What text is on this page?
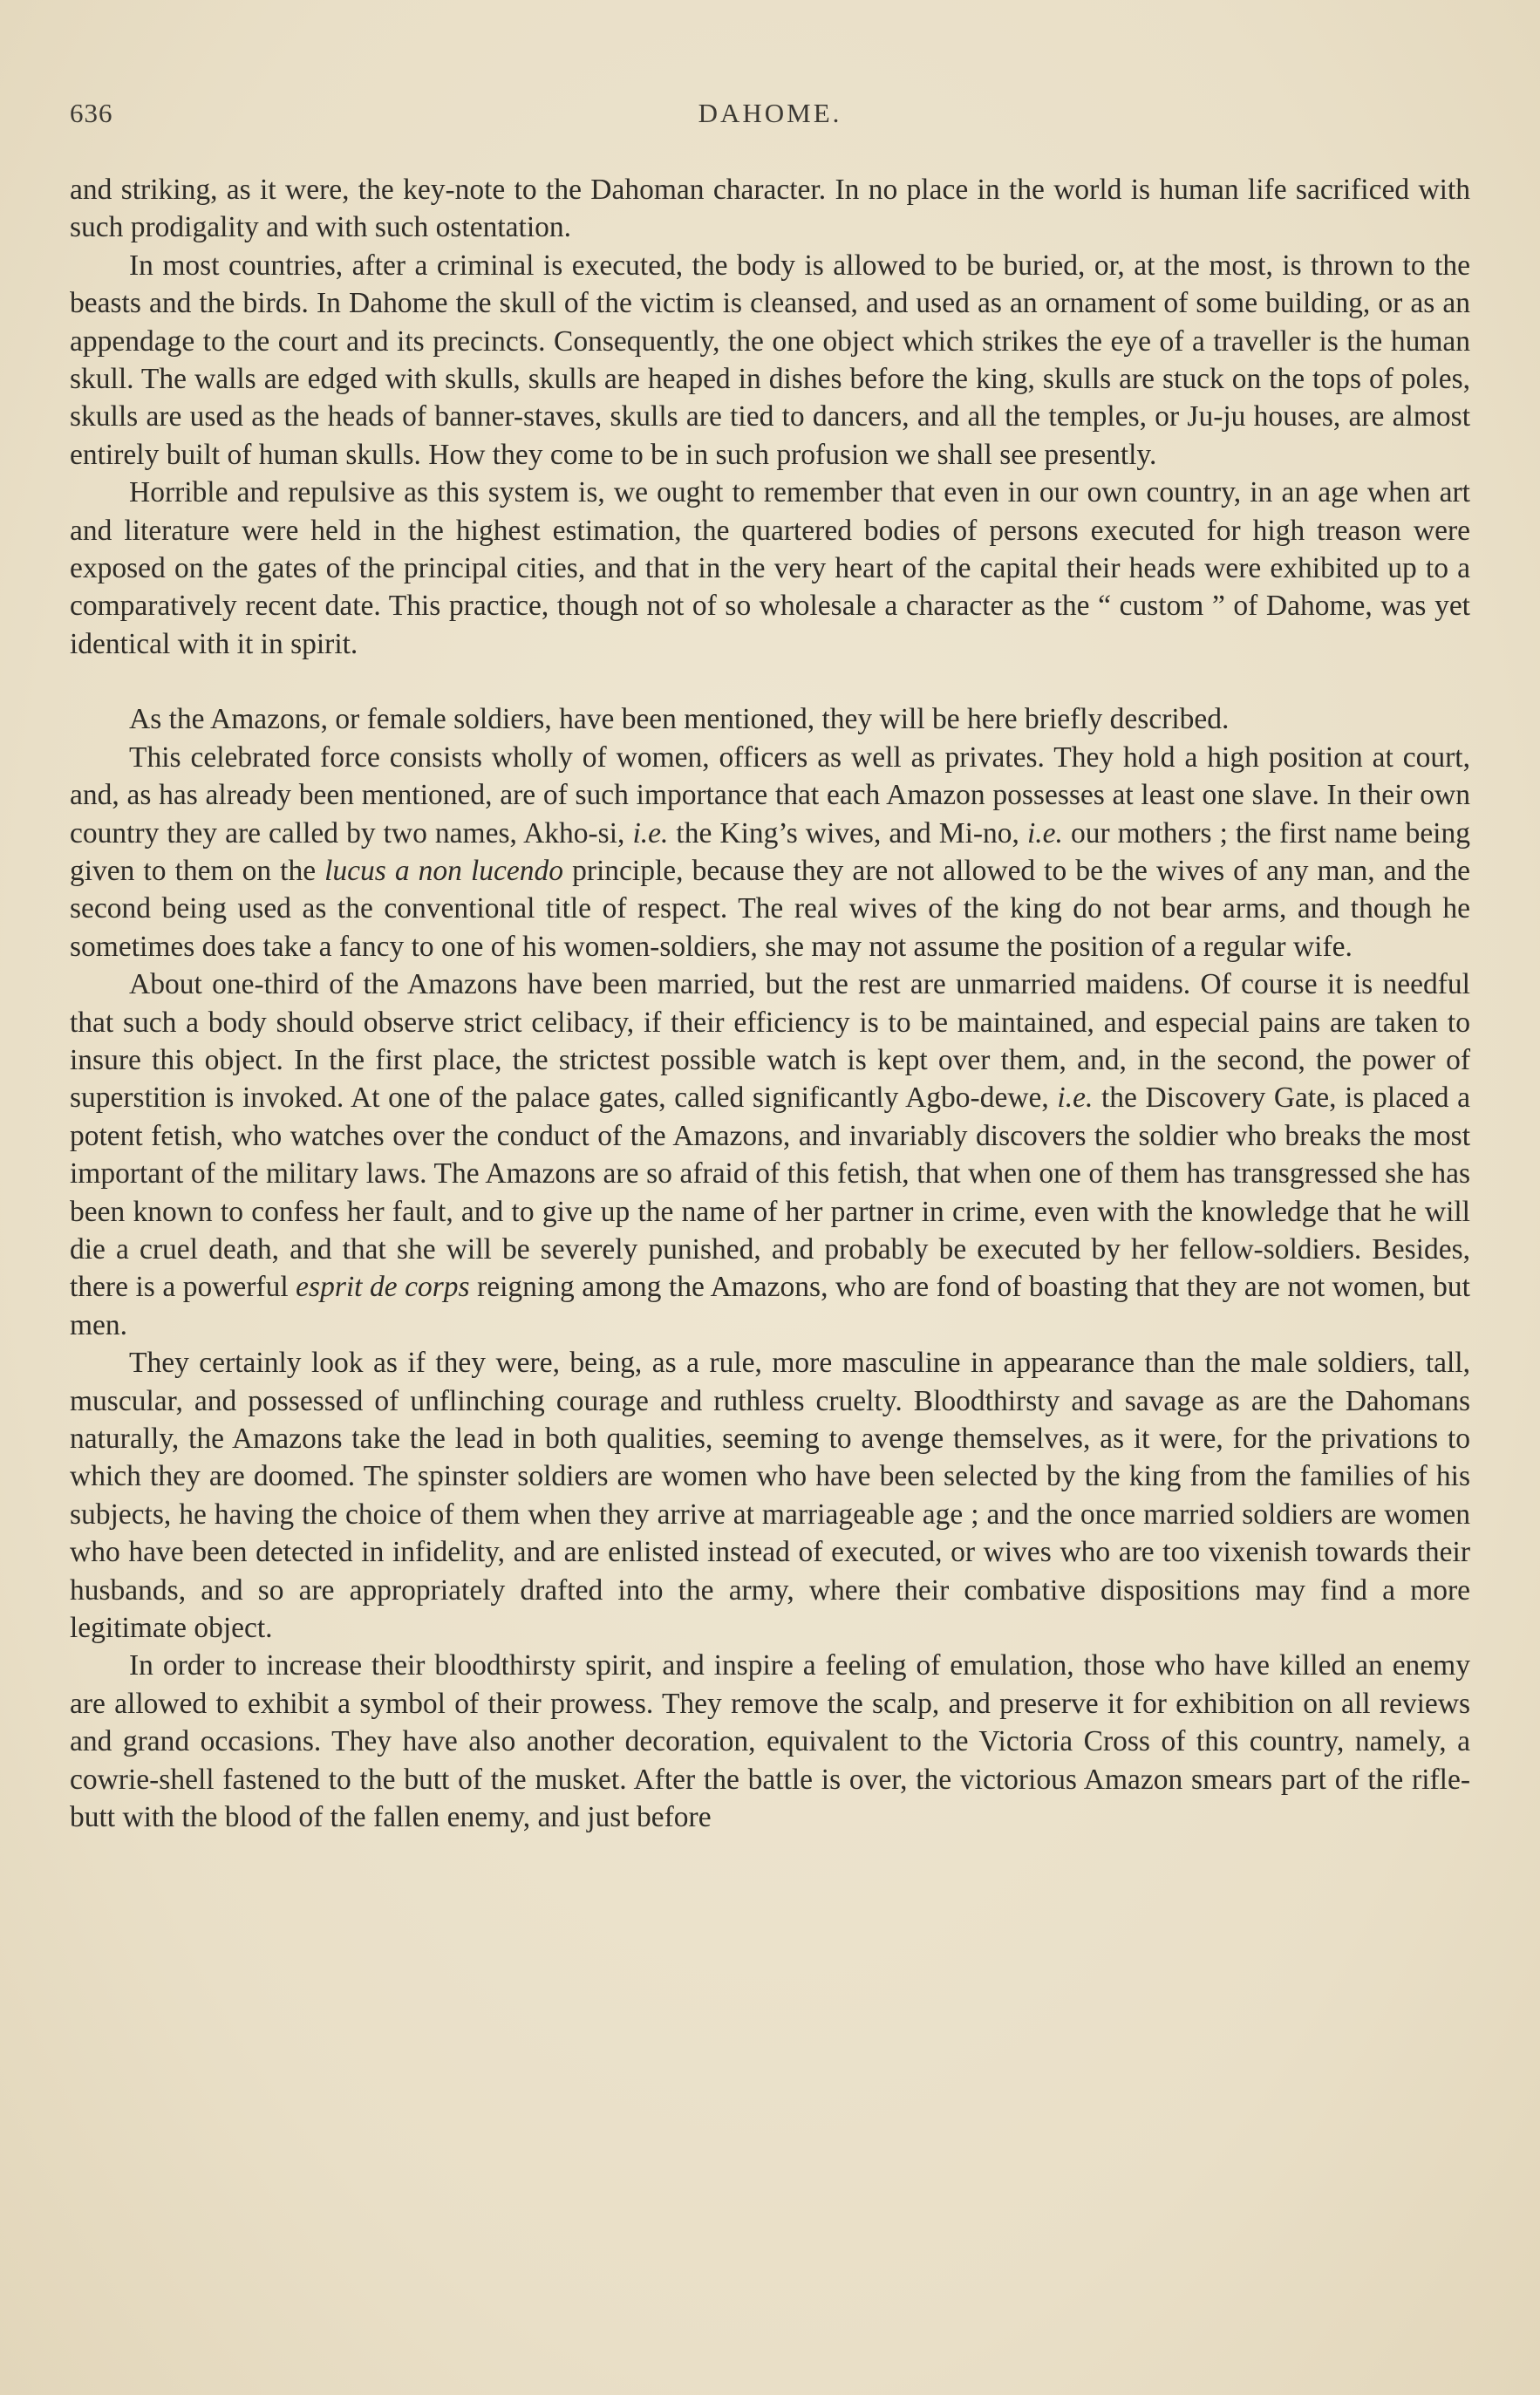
636	DAHOME.

and striking, as it were, the key-note to the Dahoman character. In no place in the world is human life sacrificed with such prodigality and with such ostentation.

In most countries, after a criminal is executed, the body is allowed to be buried, or, at the most, is thrown to the beasts and the birds. In Dahome the skull of the victim is cleansed, and used as an ornament of some building, or as an appendage to the court and its precincts. Consequently, the one object which strikes the eye of a traveller is the human skull. The walls are edged with skulls, skulls are heaped in dishes before the king, skulls are stuck on the tops of poles, skulls are used as the heads of banner-staves, skulls are tied to dancers, and all the temples, or Ju-ju houses, are almost entirely built of human skulls. How they come to be in such profusion we shall see presently.

Horrible and repulsive as this system is, we ought to remember that even in our own country, in an age when art and literature were held in the highest estimation, the quartered bodies of persons executed for high treason were exposed on the gates of the principal cities, and that in the very heart of the capital their heads were exhibited up to a comparatively recent date. This practice, though not of so wholesale a character as the “ custom ” of Dahome, was yet identical with it in spirit.

As the Amazons, or female soldiers, have been mentioned, they will be here briefly described.

This celebrated force consists wholly of women, officers as well as privates. They hold a high position at court, and, as has already been mentioned, are of such importance that each Amazon possesses at least one slave. In their own country they are called by two names, Akho-si, i.e. the King’s wives, and Mi-no, i.e. our mothers ; the first name being given to them on the lucus a non lucendo principle, because they are not allowed to be the wives of any man, and the second being used as the conventional title of respect. The real wives of the king do not bear arms, and though he sometimes does take a fancy to one of his women-soldiers, she may not assume the position of a regular wife.

About one-third of the Amazons have been married, but the rest are unmarried maidens. Of course it is needful that such a body should observe strict celibacy, if their efficiency is to be maintained, and especial pains are taken to insure this object. In the first place, the strictest possible watch is kept over them, and, in the second, the power of superstition is invoked. At one of the palace gates, called significantly Agbo-dewe, i.e. the Discovery Gate, is placed a potent fetish, who watches over the conduct of the Amazons, and invariably discovers the soldier who breaks the most important of the military laws. The Amazons are so afraid of this fetish, that when one of them has transgressed she has been known to confess her fault, and to give up the name of her partner in crime, even with the knowledge that he will die a cruel death, and that she will be severely punished, and probably be executed by her fellow-soldiers. Besides, there is a powerful esprit de corps reigning among the Amazons, who are fond of boasting that they are not women, but men.

They certainly look as if they were, being, as a rule, more masculine in appearance than the male soldiers, tall, muscular, and possessed of unflinching courage and ruthless cruelty. Bloodthirsty and savage as are the Dahomans naturally, the Amazons take the lead in both qualities, seeming to avenge themselves, as it were, for the privations to which they are doomed. The spinster soldiers are women who have been selected by the king from the families of his subjects, he having the choice of them when they arrive at marriageable age ; and the once married soldiers are women who have been detected in infidelity, and are enlisted instead of executed, or wives who are too vixenish towards their husbands, and so are appropriately drafted into the army, where their combative dispositions may find a more legitimate object.

In order to increase their bloodthirsty spirit, and inspire a feeling of emulation, those who have killed an enemy are allowed to exhibit a symbol of their prowess. They remove the scalp, and preserve it for exhibition on all reviews and grand occasions. They have also another decoration, equivalent to the Victoria Cross of this country, namely, a cowrie-shell fastened to the butt of the musket. After the battle is over, the victorious Amazon smears part of the rifle-butt with the blood of the fallen enemy, and just before
